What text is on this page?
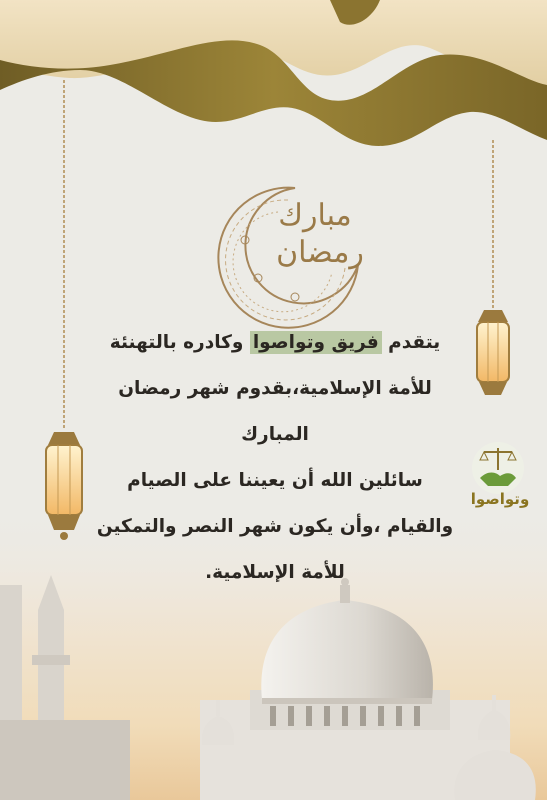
مبارك
رمضان
يتقدم فريق وتواصوا وكادره بالتهنئة
للأمة الإسلامية،بقدوم شهر رمضان
المبارك
سائلين الله أن يعيننا على الصيام
والقيام ،وأن يكون شهر النصر والتمكين
للأمة الإسلامية.
وتواصوا
